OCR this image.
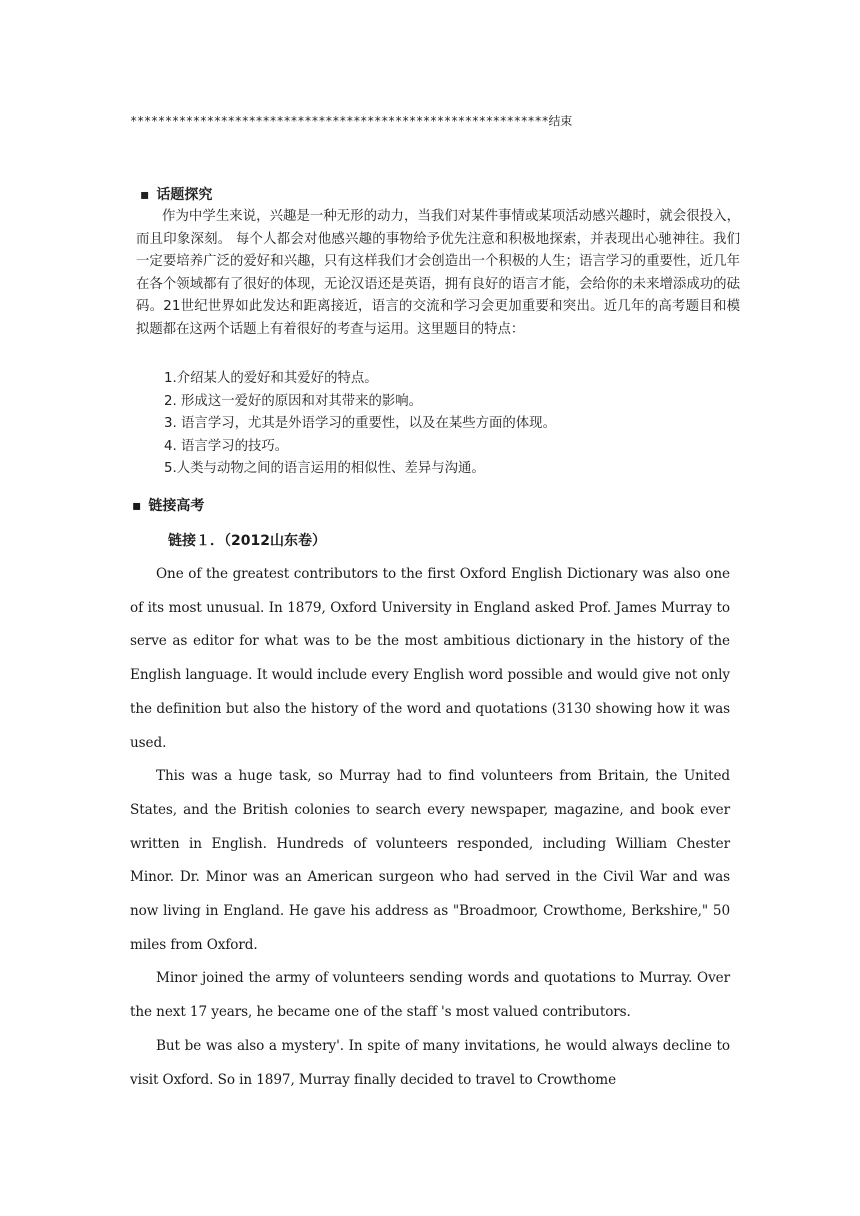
************************************************************结束
▪ 话题探究
作为中学生来说，兴趣是一种无形的动力，当我们对某件事情或某项活动感兴趣时，就会很投入，而且印象深刻。 每个人都会对他感兴趣的事物给予优先注意和积极地探索，并表现出心驰神往。我们一定要培养广泛的爱好和兴趣，只有这样我们才会创造出一个积极的人生；语言学习的重要性，近几年在各个领域都有了很好的体现，无论汉语还是英语，拥有良好的语言才能，会给你的未来增添成功的砝码。21世纪世界如此发达和距离接近，语言的交流和学习会更加重要和突出。近几年的高考题目和模拟题都在这两个话题上有着很好的考查与运用。这里题目的特点：
1.介绍某人的爱好和其爱好的特点。
2. 形成这一爱好的原因和对其带来的影响。
3. 语言学习，尤其是外语学习的重要性，以及在某些方面的体现。
4. 语言学习的技巧。
5.人类与动物之间的语言运用的相似性、差异与沟通。
▪ 链接高考
链接１．（2012山东卷）

One of the greatest contributors to the first Oxford English Dictionary was also one of its most unusual. In 1879, Oxford University in England asked Prof. James Murray to serve as editor for what was to be the most ambitious dictionary in the history of the English language. It would include every English word possible and would give not only the definition but also the history of the word and quotations (3130 showing how it was used.

This was a huge task, so Murray had to find volunteers from Britain, the United States, and the British colonies to search every newspaper, magazine, and book ever written in English. Hundreds of volunteers responded, including William Chester Minor. Dr. Minor was an American surgeon who had served in the Civil War and was now living in England. He gave his address as "Broadmoor, Crowthome, Berkshire," 50 miles from Oxford.

Minor joined the army of volunteers sending words and quotations to Murray. Over the next 17 years, he became one of the staff 's most valued contributors.

But be was also a mystery'. In spite of many invitations, he would always decline to visit Oxford. So in 1897, Murray finally decided to travel to Crowthome
